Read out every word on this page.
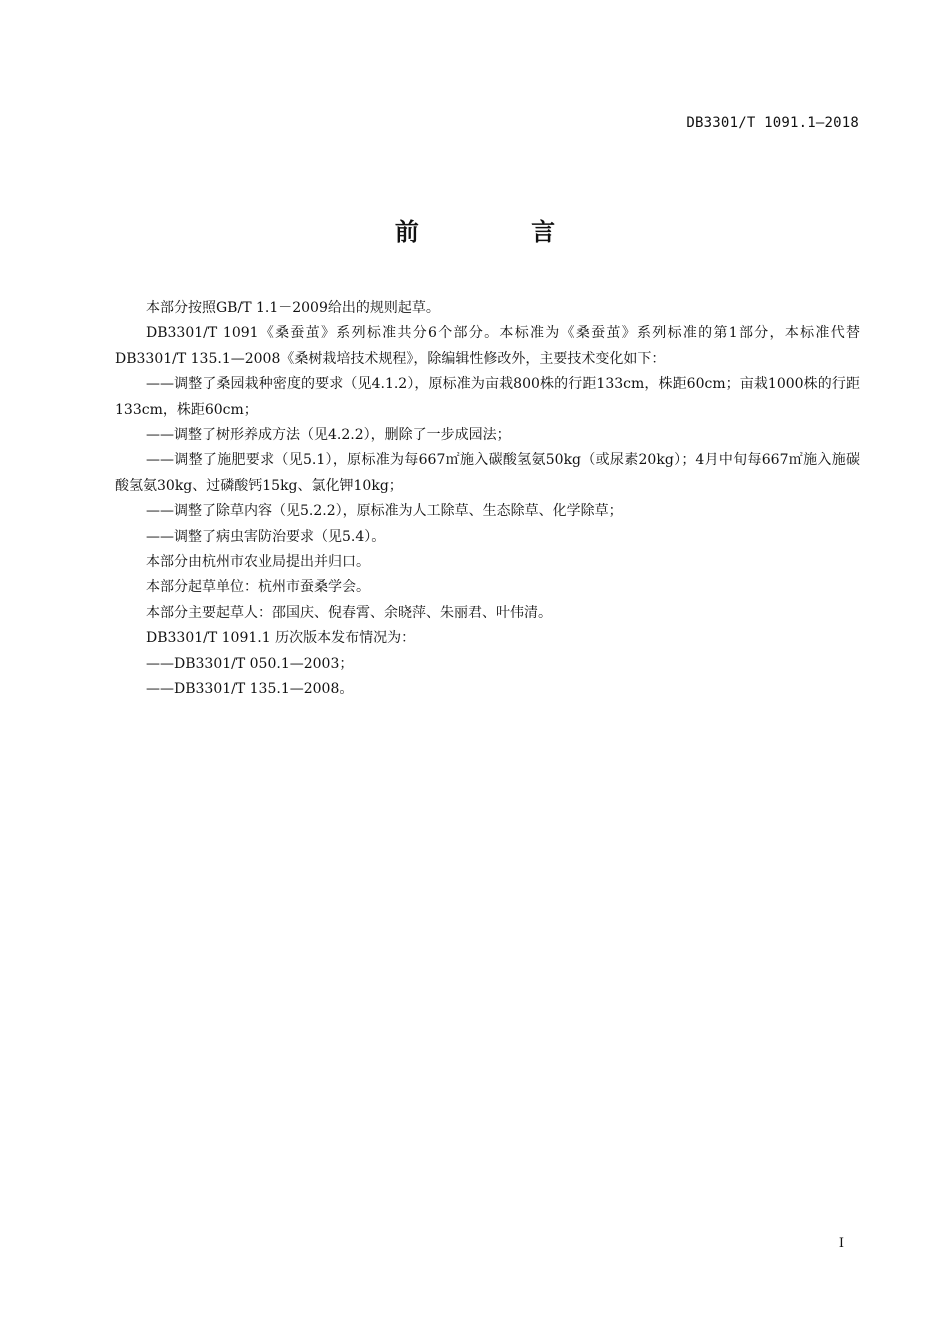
DB3301/T 1091.1—2018
前 言

本部分按照GB/T 1.1－2009给出的规则起草。

DB3301/T 1091《桑蚕茧》系列标准共分6个部分。本标准为《桑蚕茧》系列标准的第1部分，本标准代替DB3301/T 135.1—2008《桑树栽培技术规程》，除编辑性修改外，主要技术变化如下：

——调整了桑园栽种密度的要求（见4.1.2），原标准为亩栽800株的行距133cm，株距60cm；亩栽1000株的行距133cm，株距60cm；

——调整了树形养成方法（见4.2.2），删除了一步成园法；

——调整了施肥要求（见5.1），原标准为每667㎡施入碳酸氢氨50kg（或尿素20kg）；4月中旬每667㎡施入施碳酸氢氨30kg、过磷酸钙15kg、氯化钾10kg；

——调整了除草内容（见5.2.2），原标准为人工除草、生态除草、化学除草；

——调整了病虫害防治要求（见5.4）。

本部分由杭州市农业局提出并归口。

本部分起草单位：杭州市蚕桑学会。

本部分主要起草人：邵国庆、倪春霄、余晓萍、朱丽君、叶伟清。

DB3301/T 1091.1 历次版本发布情况为：

——DB3301/T 050.1—2003；

——DB3301/T 135.1—2008。

I
